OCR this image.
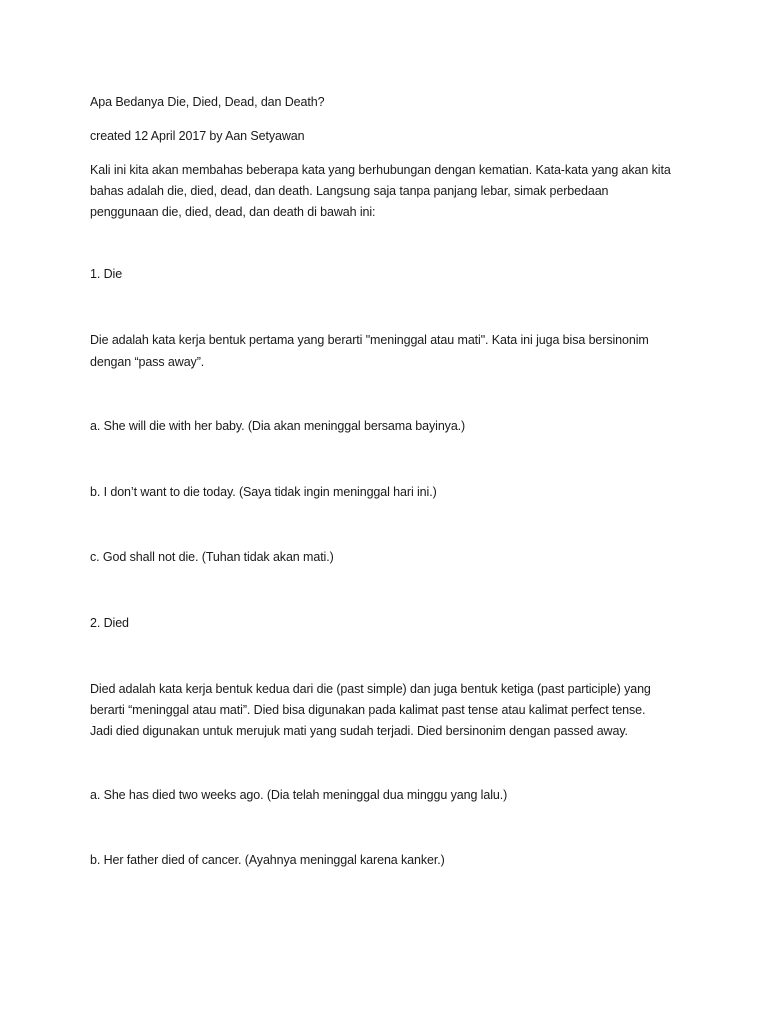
Apa Bedanya Die, Died, Dead, dan Death?
created 12 April 2017 by Aan Setyawan
Kali ini kita akan membahas beberapa kata yang berhubungan dengan kematian. Kata-kata yang akan kita
bahas adalah die, died, dead, dan death. Langsung saja tanpa panjang lebar, simak perbedaan
penggunaan die, died, dead, dan death di bawah ini:
1. Die
Die adalah kata kerja bentuk pertama yang berarti "meninggal atau mati". Kata ini juga bisa bersinonim
dengan “pass away”.
a. She will die with her baby. (Dia akan meninggal bersama bayinya.)
b. I don’t want to die today. (Saya tidak ingin meninggal hari ini.)
c. God shall not die. (Tuhan tidak akan mati.)
2. Died
Died adalah kata kerja bentuk kedua dari die (past simple) dan juga bentuk ketiga (past participle) yang
berarti “meninggal atau mati”. Died bisa digunakan pada kalimat past tense atau kalimat perfect tense.
Jadi died digunakan untuk merujuk mati yang sudah terjadi. Died bersinonim dengan passed away.
a. She has died two weeks ago. (Dia telah meninggal dua minggu yang lalu.)
b. Her father died of cancer. (Ayahnya meninggal karena kanker.)
